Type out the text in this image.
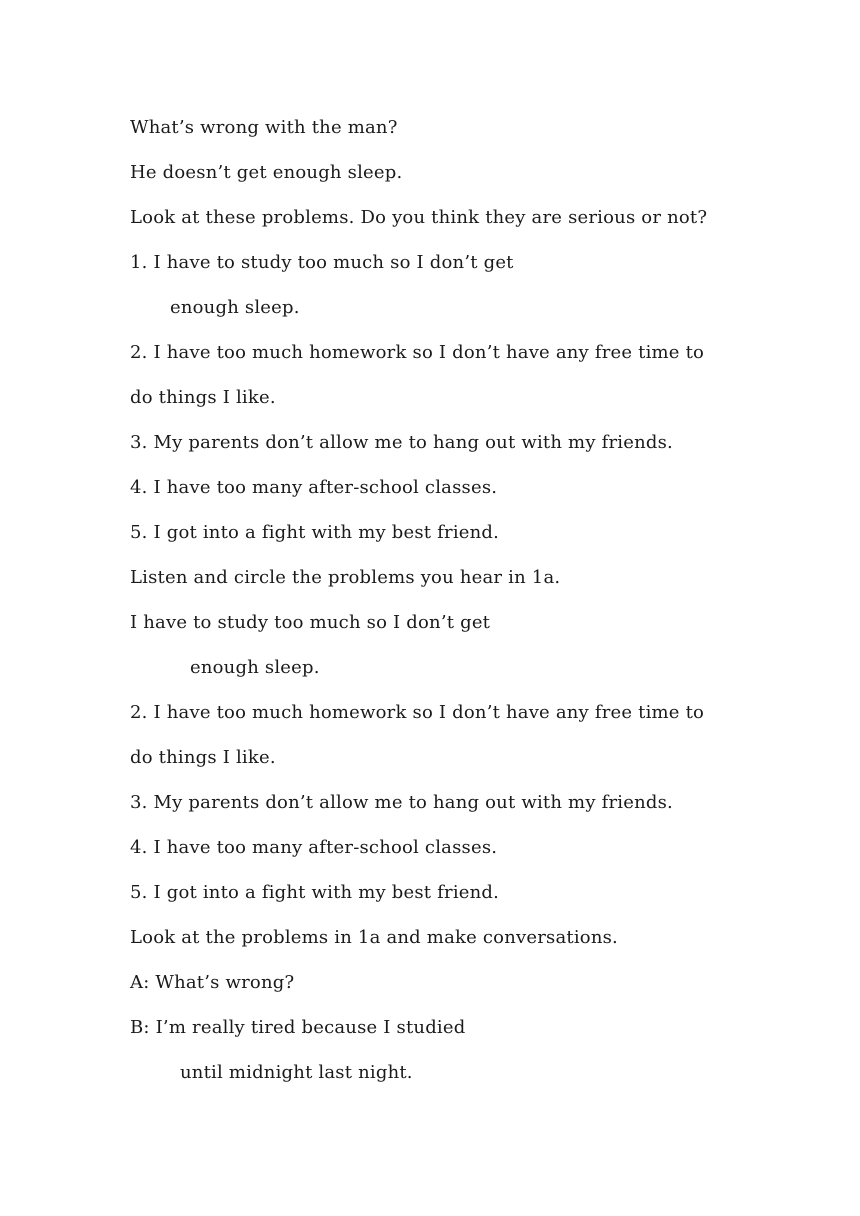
What’s wrong with the man?
He doesn’t get enough sleep.
Look at these problems. Do you think they are serious or not?
1. I have to study too much so I don’t get
enough sleep.
2. I have too much homework so I don’t have any free time to
do things I like.
3. My parents don’t allow me to hang out with my friends.
4. I have too many after-school classes.
5. I got into a fight with my best friend.
Listen and circle the problems you hear in 1a.
I have to study too much so I don’t get
enough sleep.
2. I have too much homework so I don’t have any free time to
do things I like.
3. My parents don’t allow me to hang out with my friends.
4. I have too many after-school classes.
5. I got into a fight with my best friend.
Look at the problems in 1a and make conversations.
A: What’s wrong?
B: I’m really tired because I studied
until midnight last night.
